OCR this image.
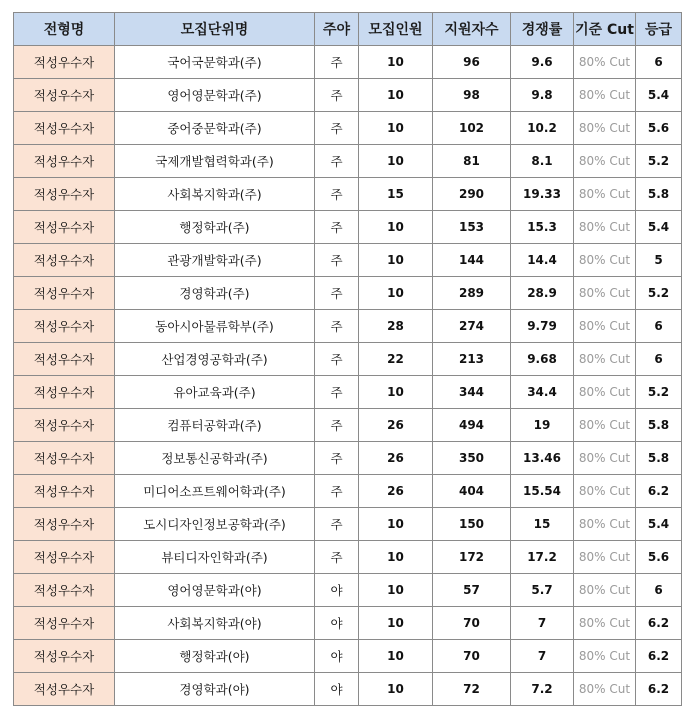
전형명	모집단위명	주야	모집인원	지원자수	경쟁률	기준 Cut	등급
적성우수자	국어국문학과(주)	주	10	96	9.6	80% Cut	6
적성우수자	영어영문학과(주)	주	10	98	9.8	80% Cut	5.4
적성우수자	중어중문학과(주)	주	10	102	10.2	80% Cut	5.6
적성우수자	국제개발협력학과(주)	주	10	81	8.1	80% Cut	5.2
적성우수자	사회복지학과(주)	주	15	290	19.33	80% Cut	5.8
적성우수자	행정학과(주)	주	10	153	15.3	80% Cut	5.4
적성우수자	관광개발학과(주)	주	10	144	14.4	80% Cut	5
적성우수자	경영학과(주)	주	10	289	28.9	80% Cut	5.2
적성우수자	동아시아물류학부(주)	주	28	274	9.79	80% Cut	6
적성우수자	산업경영공학과(주)	주	22	213	9.68	80% Cut	6
적성우수자	유아교육과(주)	주	10	344	34.4	80% Cut	5.2
적성우수자	컴퓨터공학과(주)	주	26	494	19	80% Cut	5.8
적성우수자	정보통신공학과(주)	주	26	350	13.46	80% Cut	5.8
적성우수자	미디어소프트웨어학과(주)	주	26	404	15.54	80% Cut	6.2
적성우수자	도시디자인정보공학과(주)	주	10	150	15	80% Cut	5.4
적성우수자	뷰티디자인학과(주)	주	10	172	17.2	80% Cut	5.6
적성우수자	영어영문학과(야)	야	10	57	5.7	80% Cut	6
적성우수자	사회복지학과(야)	야	10	70	7	80% Cut	6.2
적성우수자	행정학과(야)	야	10	70	7	80% Cut	6.2
적성우수자	경영학과(야)	야	10	72	7.2	80% Cut	6.2
